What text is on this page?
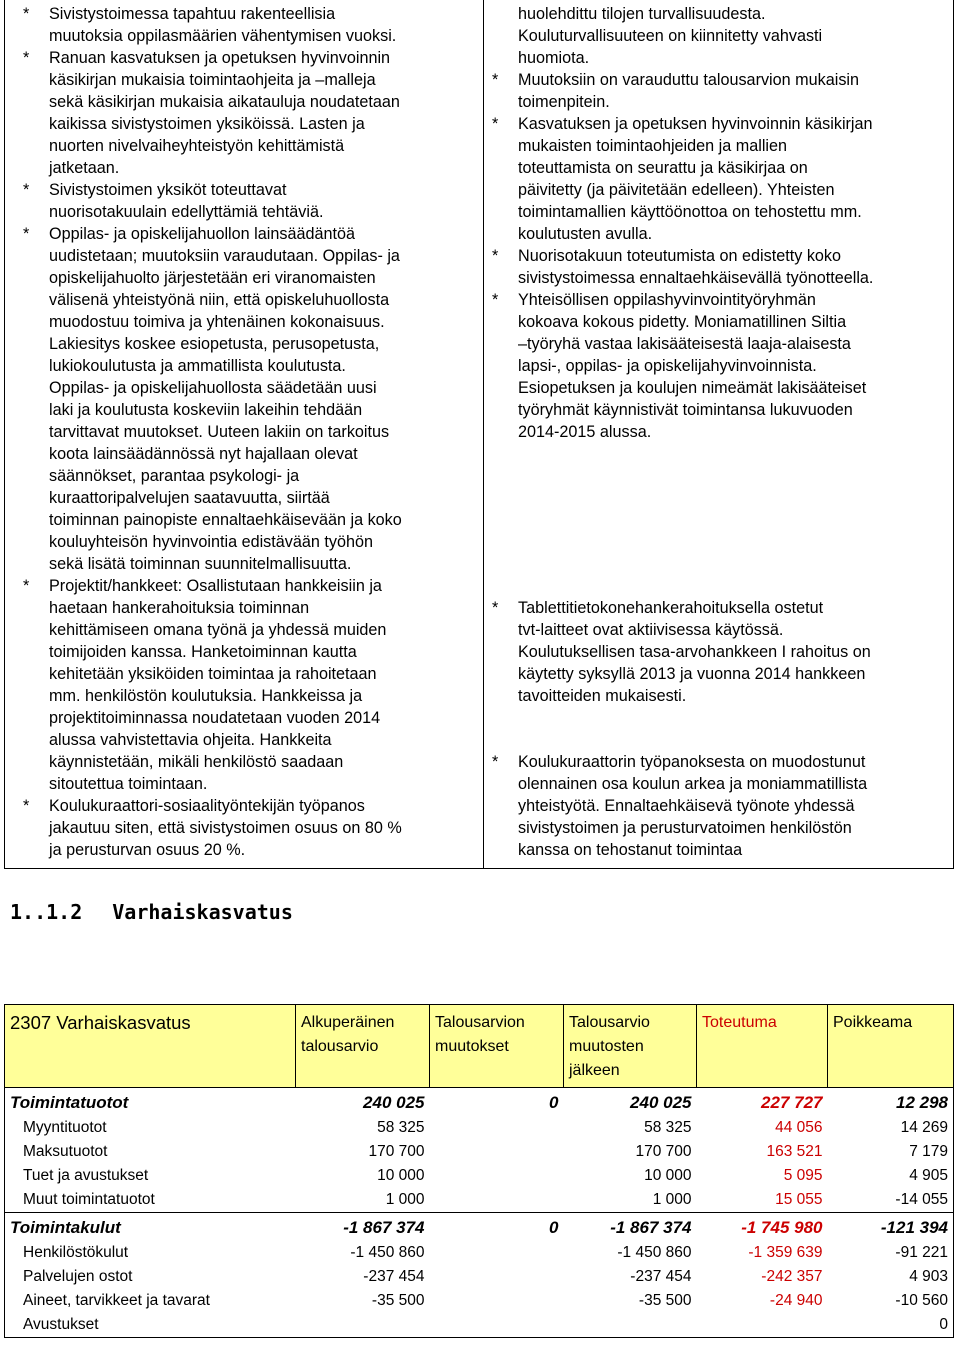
* Sivistystoimessa tapahtuu rakenteellisia
muutoksia oppilasmäärien vähentymisen vuoksi.
* Ranuan kasvatuksen ja opetuksen hyvinvoinnin
käsikirjan mukaisia toimintaohjeita ja –malleja
sekä käsikirjan mukaisia aikatauluja noudatetaan
kaikissa sivistystoimen yksiköissä. Lasten ja
nuorten nivelvaiheyhteistyön kehittämistä
jatketaan.
* Sivistystoimen yksiköt toteuttavat
nuorisotakuulain edellyttämiä tehtäviä.
* Oppilas- ja opiskelijahuollon lainsäädäntöä
uudistetaan; muutoksiin varaudutaan. Oppilas- ja
opiskelijahuolto järjestetään eri viranomaisten
välisenä yhteistyönä niin, että opiskeluhuollosta
muodostuu toimiva ja yhtenäinen kokonaisuus.
Lakiesitys koskee esiopetusta, perusopetusta,
lukiokoulutusta ja ammatillista koulutusta.
Oppilas- ja opiskelijahuollosta säädetään uusi
laki ja koulutusta koskeviin lakeihin tehdään
tarvittavat muutokset. Uuteen lakiin on tarkoitus
koota lainsäädännössä nyt hajallaan olevat
säännökset, parantaa psykologi- ja
kuraattoripalvelujen saatavuutta, siirtää
toiminnan painopiste ennaltaehkäisevään ja koko
kouluyhteisön hyvinvointia edistävään työhön
sekä lisätä toiminnan suunnitelmallisuutta.
* Projektit/hankkeet: Osallistutaan hankkeisiin ja
haetaan hankerahoituksia toiminnan
kehittämiseen omana työnä ja yhdessä muiden
toimijoiden kanssa. Hanketoiminnan kautta
kehitetään yksiköiden toimintaa ja rahoitetaan
mm. henkilöstön koulutuksia. Hankkeissa ja
projektitoiminnassa noudatetaan vuoden 2014
alussa vahvistettavia ohjeita. Hankkeita
käynnistetään, mikäli henkilöstö saadaan
sitoutettua toimintaan.
* Koulukuraattori-sosiaalityöntekijän työpanos
jakautuu siten, että sivistystoimen osuus on 80 %
ja perusturvan osuus 20 %.
huolehdittu tilojen turvallisuudesta.
Kouluturvallisuuteen on kiinnitetty vahvasti
huomiota.
* Muutoksiin on varauduttu talousarvion mukaisin
toimenpitein.
* Kasvatuksen ja opetuksen hyvinvoinnin käsikirjan
mukaisten toimintaohjeiden ja mallien
toteuttamista on seurattu ja käsikirjaa on
päivitetty (ja päivitetään edelleen). Yhteisten
toimintamallien käyttöönottoa on tehostettu mm.
koulutusten avulla.
* Nuorisotakuun toteutumista on edistetty koko
sivistystoimessa ennaltaehkäisevällä työnotteella.
* Yhteisöllisen oppilashyvinvointityöryhmän
kokoava kokous pidetty. Moniamatillinen Siltia
–työryhä vastaa lakisääteisestä laaja-alaisesta
lapsi-, oppilas- ja opiskelijahyvinvoinnista.
Esiopetuksen ja koulujen nimeämät lakisääteiset
työryhmät käynnistivät toimintansa lukuvuoden
2014-2015 alussa.
* Tablettitietokonehankerahoituksella ostetut
tvt-laitteet ovat aktiivisessa käytössä.
Koulutuksellisen tasa-arvohankkeen I rahoitus on
käytetty syksyllä 2013 ja vuonna 2014 hankkeen
tavoitteiden mukaisesti.
* Koulukuraattorin työpanoksesta on muodostunut
olennainen osa koulun arkea ja moniammatillista
yhteistyötä. Ennaltaehkäisevä työnote yhdessä
sivistystoimen ja perusturvatoimen henkilöstön
kanssa on tehostanut toimintaa
1..1.2 Varhaiskasvatus
2307 Varhaiskasvatus	Alkuperäinen talousarvio	Talousarvion muutokset	Talousarvio muutosten jälkeen	Toteutuma	Poikkeama
Toimintatuotot	240 025	0	240 025	227 727	12 298
Myyntituotot	58 325		58 325	44 056	14 269
Maksutuotot	170 700		170 700	163 521	7 179
Tuet ja avustukset	10 000		10 000	5 095	4 905
Muut toimintatuotot	1 000		1 000	15 055	-14 055
Toimintakulut	-1 867 374	0	-1 867 374	-1 745 980	-121 394
Henkilöstökulut	-1 450 860		-1 450 860	-1 359 639	-91 221
Palvelujen ostot	-237 454		-237 454	-242 357	4 903
Aineet, tarvikkeet ja tavarat	-35 500		-35 500	-24 940	-10 560
Avustukset					0
